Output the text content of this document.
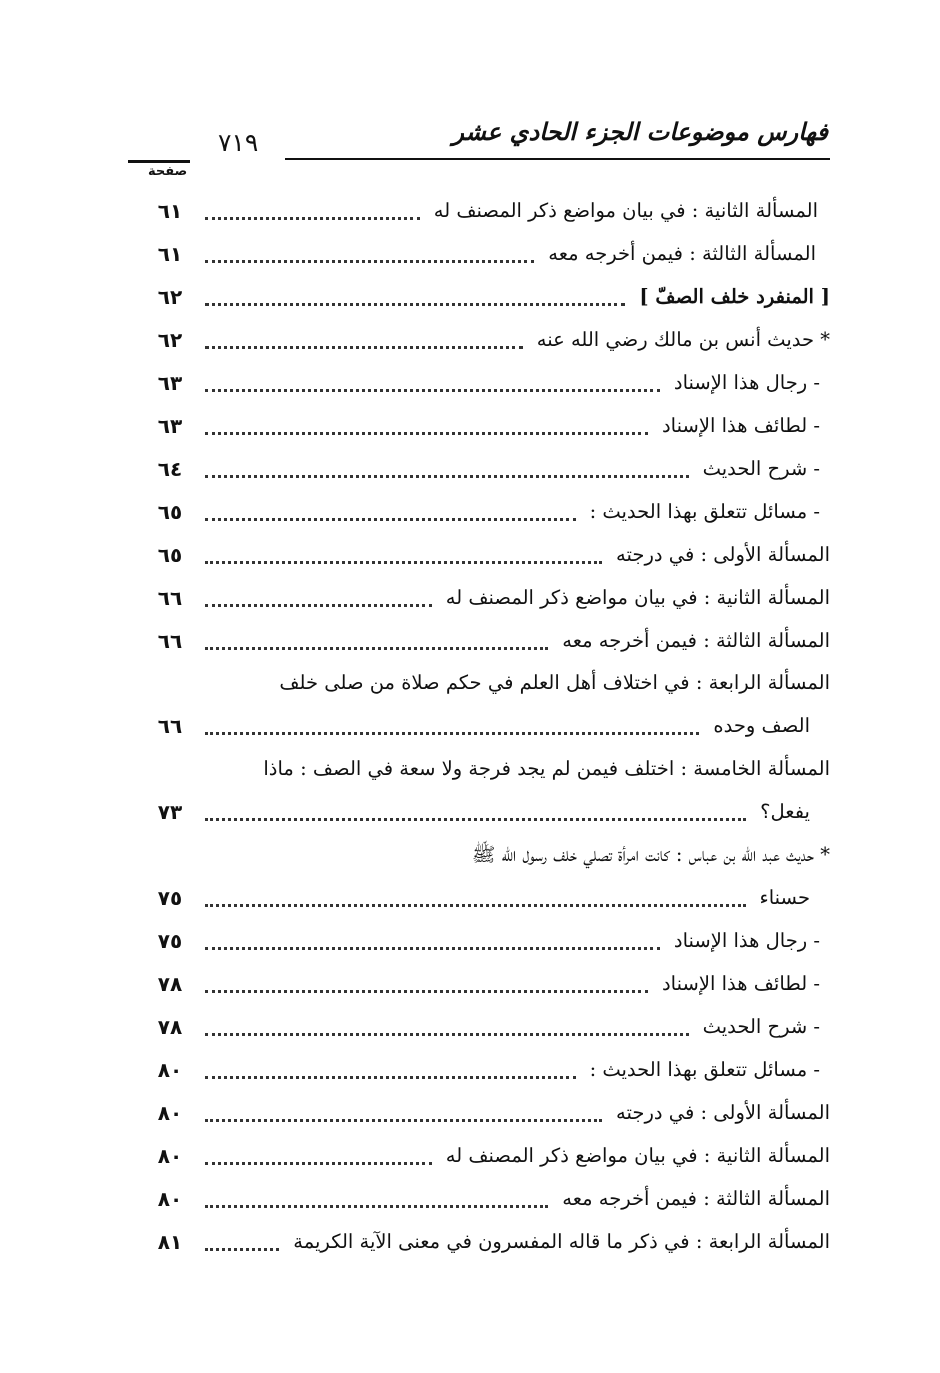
فهارس موضوعات الجزء الحادي عشر
٧١٩
صفحة
المسألة الثانية : في بيان مواضع ذكر المصنف له
٦١
المسألة الثالثة : فيمن أخرجه معه
٦١
[ المنفرد خلف الصفّ ]
٦٢
* حديث أنس بن مالك رضي الله عنه
٦٢
- رجال هذا الإسناد
٦٣
- لطائف هذا الإسناد
٦٣
- شرح الحديث
٦٤
- مسائل تتعلق بهذا الحديث :
٦٥
المسألة الأولى : في درجته
٦٥
المسألة الثانية : في بيان مواضع ذكر المصنف له
٦٦
المسألة الثالثة : فيمن أخرجه معه
٦٦
المسألة الرابعة : في اختلاف أهل العلم في حكم صلاة من صلى خلف
الصف وحده
٦٦
المسألة الخامسة : اختلف فيمن لم يجد فرجة ولا سعة في الصف : ماذا
يفعل؟
٧٣
* حديث عبد الله بن عباس : كانت امرأة تصلي خلف رسول الله ﷺ
حسناء
٧٥
- رجال هذا الإسناد
٧٥
- لطائف هذا الإسناد
٧٨
- شرح الحديث
٧٨
- مسائل تتعلق بهذا الحديث :
٨٠
المسألة الأولى : في درجته
٨٠
المسألة الثانية : في بيان مواضع ذكر المصنف له
٨٠
المسألة الثالثة : فيمن أخرجه معه
٨٠
المسألة الرابعة : في ذكر ما قاله المفسرون في معنى الآية الكريمة
٨١
